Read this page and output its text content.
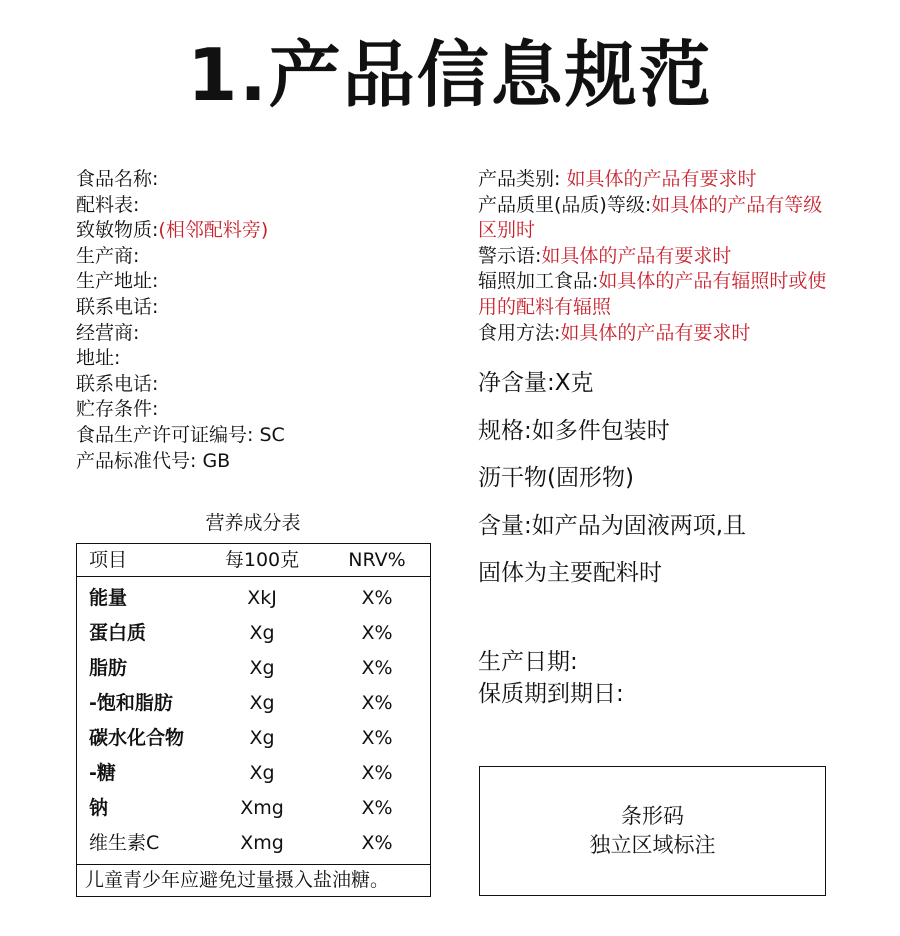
1.产品信息规范
食品名称:
配料表:
致敏物质:(相邻配料旁)
生产商:
生产地址:
联系电话:
经营商:
地址:
联系电话:
贮存条件:
食品生产许可证编号: SC
产品标准代号: GB
产品类别: 如具体的产品有要求时
产品质里(品质)等级:如具体的产品有等级区别时
警示语:如具体的产品有要求时
辐照加工食品:如具体的产品有辐照时或使用的配料有辐照
食用方法:如具体的产品有要求时
净含量:X克
规格:如多件包装时
沥干物(固形物)
含量:如产品为固液两项,且
固体为主要配料时
生产日期:
保质期到期日:
营养成分表
项目	每100克	NRV%
能量	XkJ	X%
蛋白质	Xg	X%
脂肪	Xg	X%
-饱和脂肪	Xg	X%
碳水化合物	Xg	X%
-糖	Xg	X%
钠	Xmg	X%
维生素C	Xmg	X%
儿童青少年应避免过量摄入盐油糖。
条形码
独立区域标注
